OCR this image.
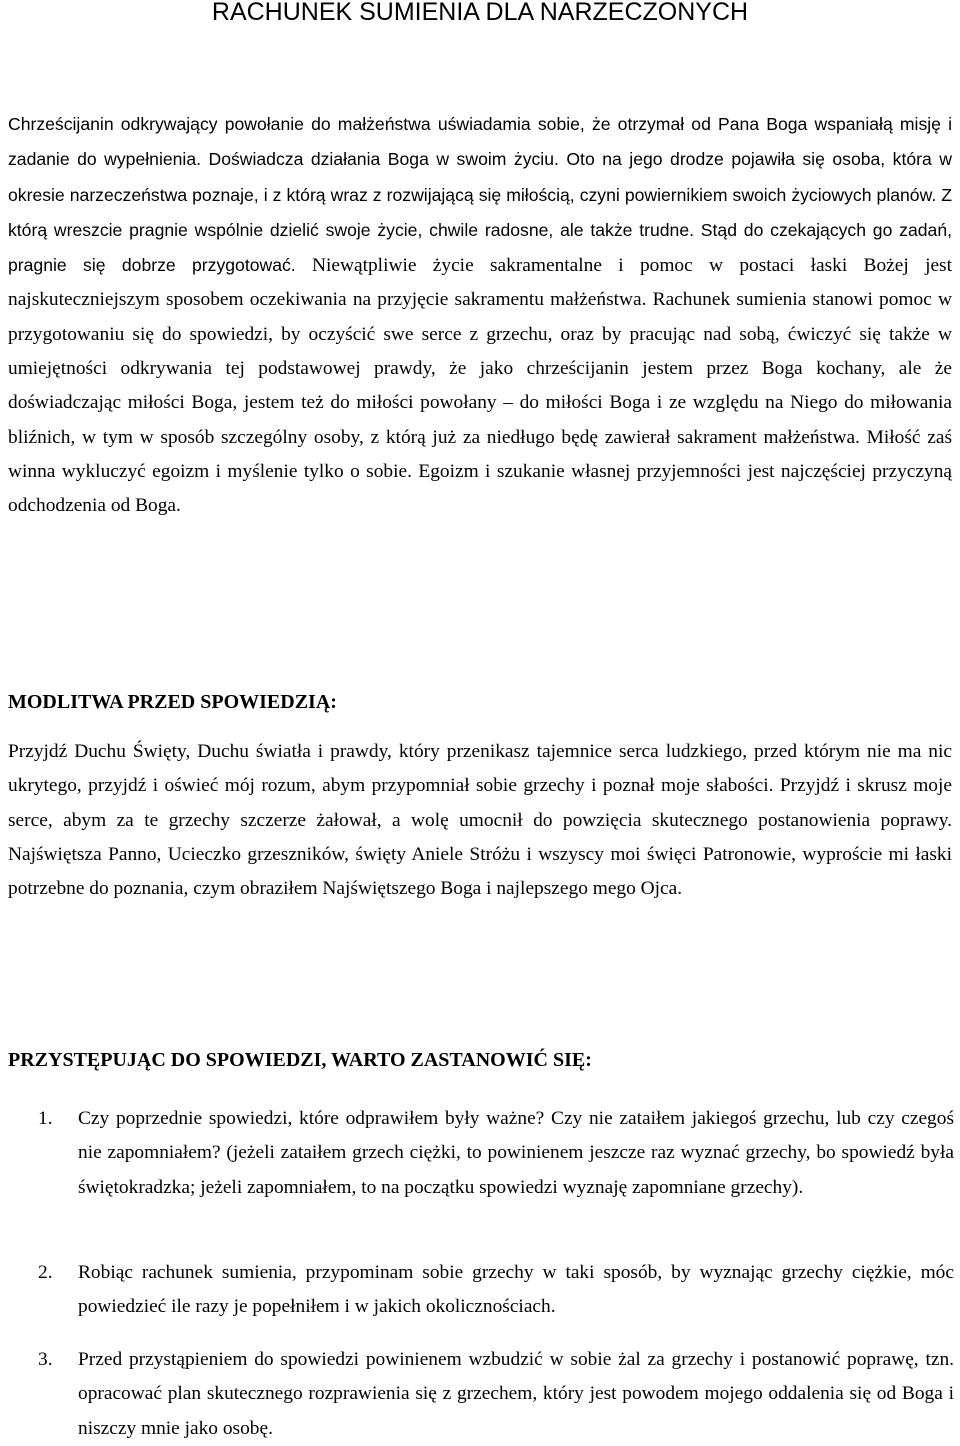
RACHUNEK SUMIENIA DLA NARZECZONYCH

Chrześcijanin odkrywający powołanie do małżeństwa uświadamia sobie, że otrzymał od Pana Boga wspaniałą misję i zadanie do wypełnienia. Doświadcza działania Boga w swoim życiu. Oto na jego drodze pojawiła się osoba, która w okresie narzeczeństwa poznaje, i z którą wraz z rozwijającą się miłością, czyni powiernikiem swoich życiowych planów. Z którą wreszcie pragnie wspólnie dzielić swoje życie, chwile radosne, ale także trudne. Stąd do czekających go zadań, pragnie się dobrze przygotować. Niewątpliwie życie sakramentalne i pomoc w postaci łaski Bożej jest najskuteczniejszym sposobem oczekiwania na przyjęcie sakramentu małżeństwa. Rachunek sumienia stanowi pomoc w przygotowaniu się do spowiedzi, by oczyścić swe serce z grzechu, oraz by pracując nad sobą, ćwiczyć się także w umiejętności odkrywania tej podstawowej prawdy, że jako chrześcijanin jestem przez Boga kochany, ale że doświadczając miłości Boga, jestem też do miłości powołany – do miłości Boga i ze względu na Niego do miłowania bliźnich, w tym w sposób szczególny osoby, z którą już za niedługo będę zawierał sakrament małżeństwa. Miłość zaś winna wykluczyć egoizm i myślenie tylko o sobie. Egoizm i szukanie własnej przyjemności jest najczęściej przyczyną odchodzenia od Boga.

MODLITWA PRZED SPOWIEDZIĄ:

Przyjdź Duchu Święty, Duchu światła i prawdy, który przenikasz tajemnice serca ludzkiego, przed którym nie ma nic ukrytego, przyjdź i oświeć mój rozum, abym przypomniał sobie grzechy i poznał moje słabości. Przyjdź i skrusz moje serce, abym za te grzechy szczerze żałował, a wolę umocnił do powzięcia skutecznego postanowienia poprawy. Najświętsza Panno, Ucieczko grzeszników, święty Aniele Stróżu i wszyscy moi święci Patronowie, wyproście mi łaski potrzebne do poznania, czym obraziłem Najświętszego Boga i najlepszego mego Ojca.

PRZYSTĘPUJĄC DO SPOWIEDZI, WARTO ZASTANOWIĆ SIĘ:
1. Czy poprzednie spowiedzi, które odprawiłem były ważne? Czy nie zataiłem jakiegoś grzechu, lub czy czegoś nie zapomniałem? (jeżeli zataiłem grzech ciężki, to powinienem jeszcze raz wyznać grzechy, bo spowiedź była świętokradzka; jeżeli zapomniałem, to na początku spowiedzi wyznaję zapomniane grzechy).
2. Robiąc rachunek sumienia, przypominam sobie grzechy w taki sposób, by wyznając grzechy ciężkie, móc powiedzieć ile razy je popełniłem i w jakich okolicznościach.
3. Przed przystąpieniem do spowiedzi powinienem wzbudzić w sobie żal za grzechy i postanowić poprawę, tzn. opracować plan skutecznego rozprawienia się z grzechem, który jest powodem mojego oddalenia się od Boga i niszczy mnie jako osobę.
